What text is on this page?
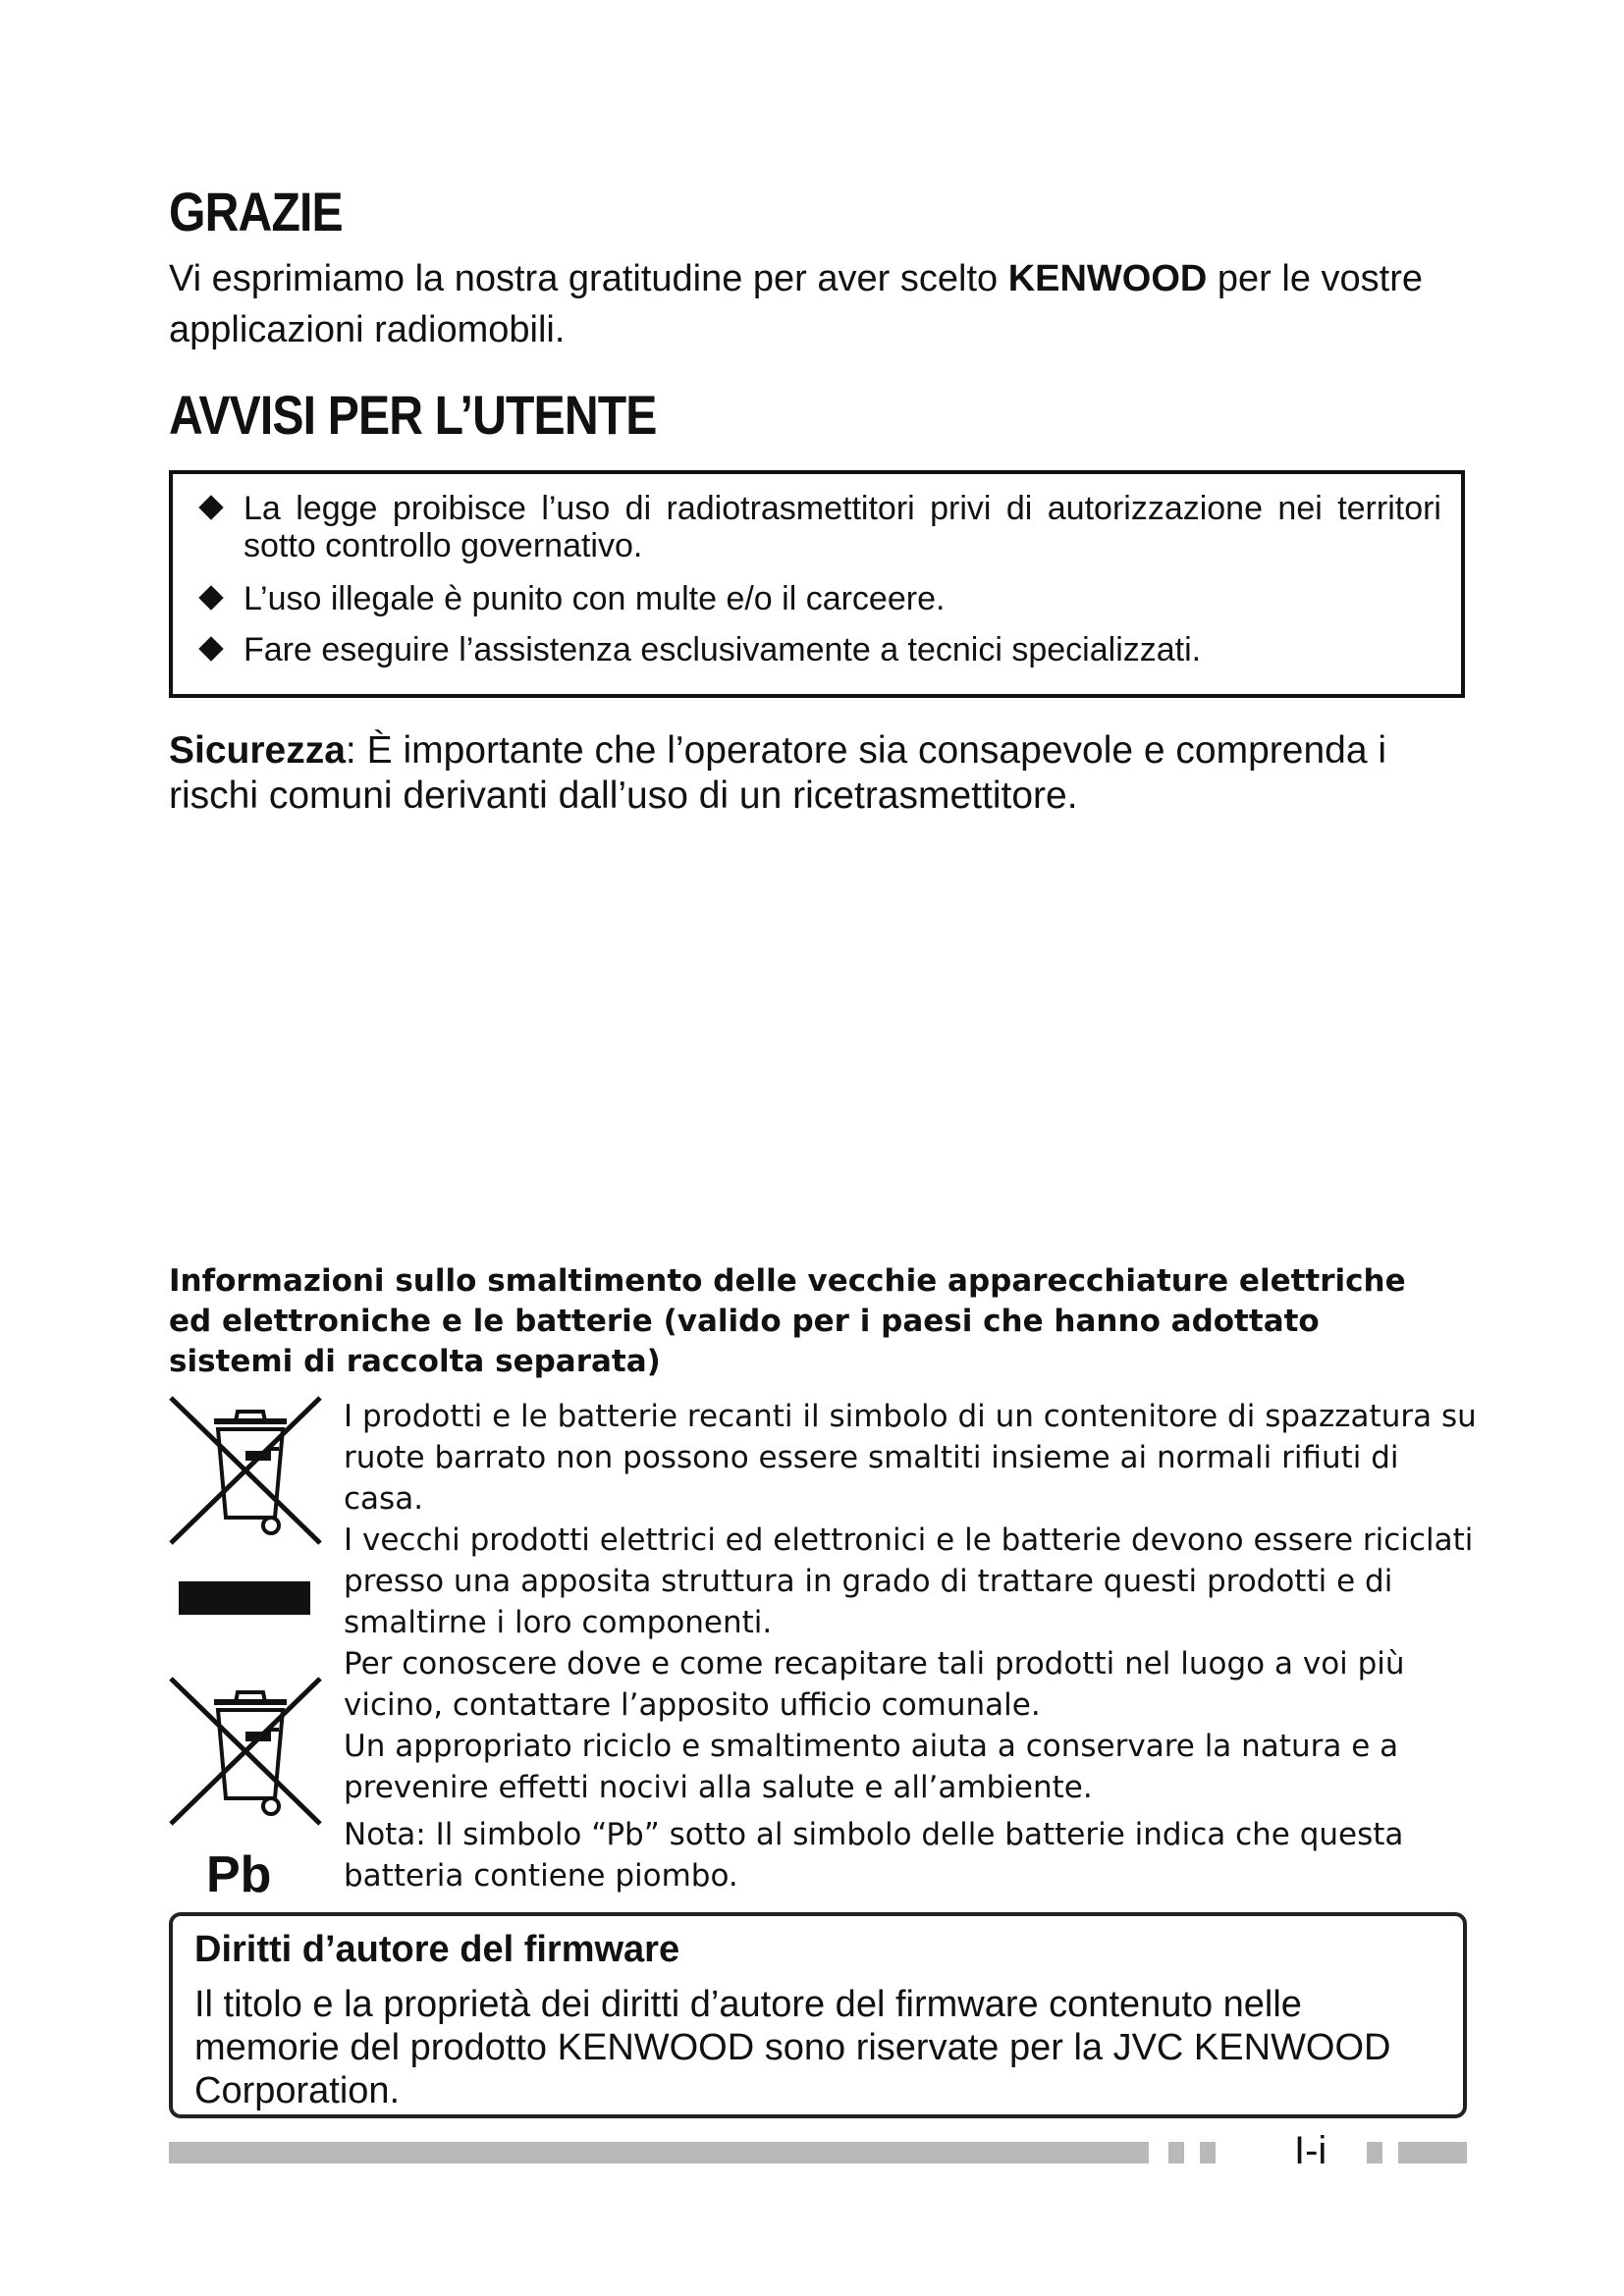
GRAZIE

Vi esprimiamo la nostra gratitudine per aver scelto KENWOOD per le vostre applicazioni radiomobili.

AVVISI PER L’UTENTE
La legge proibisce l’uso di radiotrasmettitori privi di autorizzazione nei territori sotto controllo governativo.
L’uso illegale è punito con multe e/o il carceere.
Fare eseguire l’assistenza esclusivamente a tecnici specializzati.

Sicurezza: È importante che l’operatore sia consapevole e comprenda i rischi comuni derivanti dall’uso di un ricetrasmettitore.

Informazioni sullo smaltimento delle vecchie apparecchiature elettriche ed elettroniche e le batterie (valido per i paesi che hanno adottato sistemi di raccolta separata)

Pb

I prodotti e le batterie recanti il simbolo di un contenitore di spazzatura su ruote barrato non possono essere smaltiti insieme ai normali rifiuti di casa.

I vecchi prodotti elettrici ed elettronici e le batterie devono essere riciclati presso una apposita struttura in grado di trattare questi prodotti e di smaltirne i loro componenti.

Per conoscere dove e come recapitare tali prodotti nel luogo a voi più vicino, contattare l’apposito ufficio comunale.

Un appropriato riciclo e smaltimento aiuta a conservare la natura e a prevenire effetti nocivi alla salute e all’ambiente.

Nota: Il simbolo “Pb” sotto al simbolo delle batterie indica che questa batteria contiene piombo.

Diritti d’autore del firmware

Il titolo e la proprietà dei diritti d’autore del firmware contenuto nelle memorie del prodotto KENWOOD sono riservate per la JVC KENWOOD Corporation.

I-i
